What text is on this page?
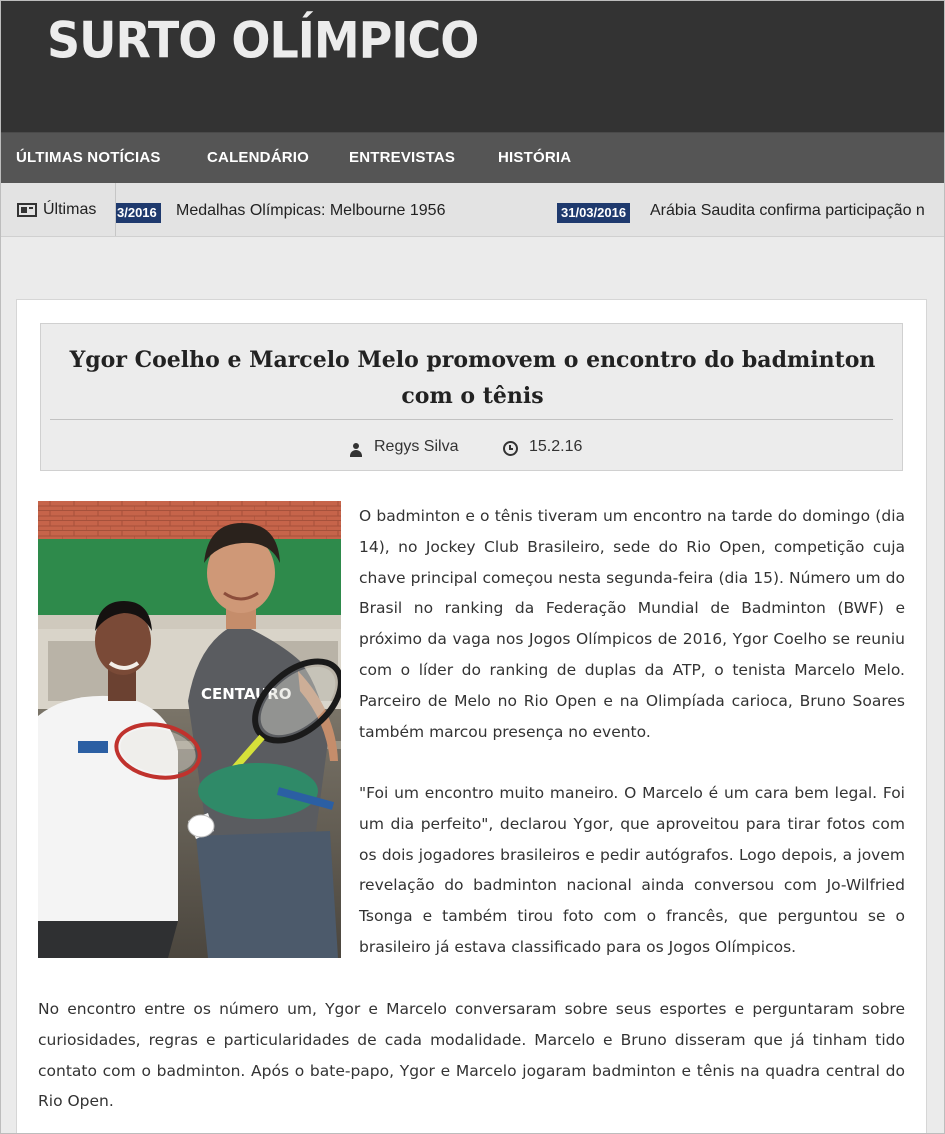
SURTO OLÍMPICO
ÚLTIMAS NOTÍCIAS	CALENDÁRIO	ENTREVISTAS	HISTÓRIA
3/2016 Medalhas Olímpicas: Melbourne 1956	31/03/2016 Arábia Saudita confirma participação n
Últimas
Ygor Coelho e Marcelo Melo promovem o encontro do badminton com o tênis
Regys Silva	15.2.16
CENTAURO

O badminton e o tênis tiveram um encontro na tarde do domingo (dia 14), no Jockey Club Brasileiro, sede do Rio Open, competição cuja chave principal começou nesta segunda-feira (dia 15). Número um do Brasil no ranking da Federação Mundial de Badminton (BWF) e próximo da vaga nos Jogos Olímpicos de 2016, Ygor Coelho se reuniu com o líder do ranking de duplas da ATP, o tenista Marcelo Melo. Parceiro de Melo no Rio Open e na Olimpíada carioca, Bruno Soares também marcou presença no evento.

"Foi um encontro muito maneiro. O Marcelo é um cara bem legal. Foi um dia perfeito", declarou Ygor, que aproveitou para tirar fotos com os dois jogadores brasileiros e pedir autógrafos. Logo depois, a jovem revelação do badminton nacional ainda conversou com Jo-Wilfried Tsonga e também tirou foto com o francês, que perguntou se o brasileiro já estava classificado para os Jogos Olímpicos.

No encontro entre os número um, Ygor e Marcelo conversaram sobre seus esportes e perguntaram sobre curiosidades, regras e particularidades de cada modalidade. Marcelo e Bruno disseram que já tinham tido contato com o badminton. Após o bate-papo, Ygor e Marcelo jogaram badminton e tênis na quadra central do Rio Open.
